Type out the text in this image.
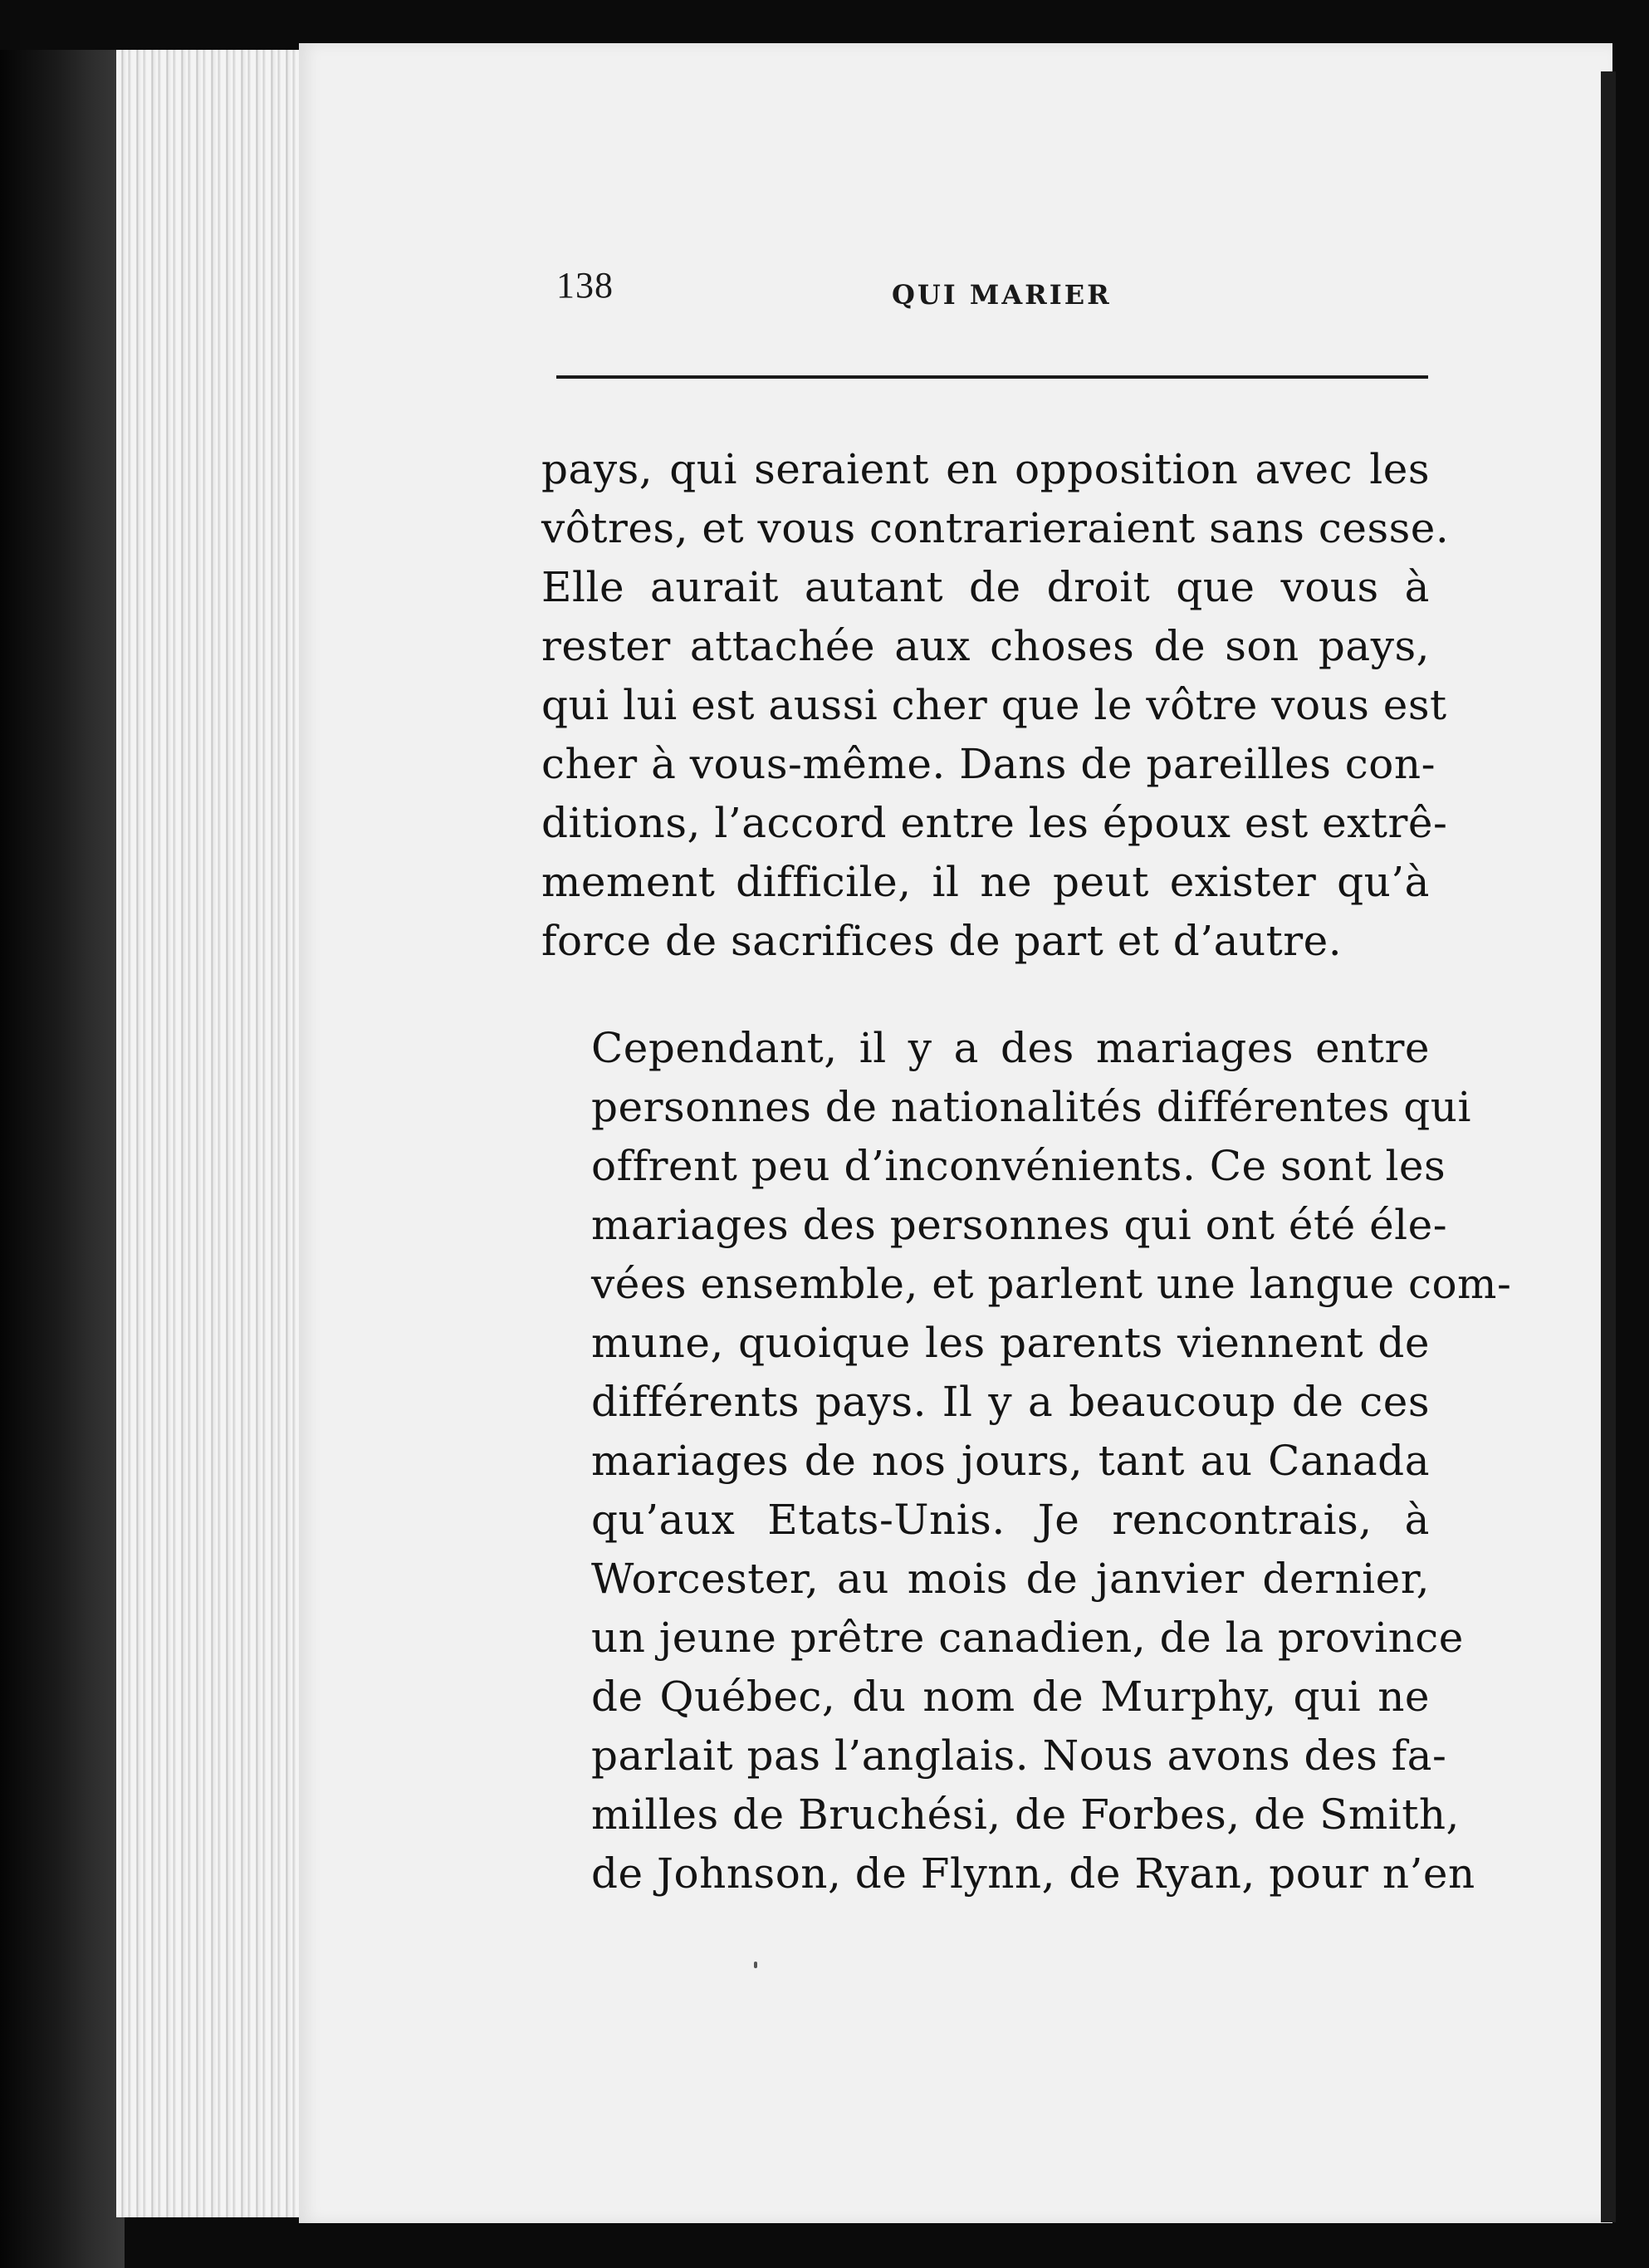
138	QUI MARIER

pays, qui seraient en opposition avec les
vôtres, et vous contrarieraient sans cesse.
Elle aurait autant de droit que vous à
rester attachée aux choses de son pays,
qui lui est aussi cher que le vôtre vous est
cher à vous-même. Dans de pareilles con-
ditions, l’accord entre les époux est extrê-
mement difficile, il ne peut exister qu’à
force de sacrifices de part et d’autre.

Cependant, il y a des mariages entre
personnes de nationalités différentes qui
offrent peu d’inconvénients. Ce sont les
mariages des personnes qui ont été éle-
vées ensemble, et parlent une langue com-
mune, quoique les parents viennent de
différents pays. Il y a beaucoup de ces
mariages de nos jours, tant au Canada
qu’aux Etats-Unis. Je rencontrais, à
Worcester, au mois de janvier dernier,
un jeune prêtre canadien, de la province
de Québec, du nom de Murphy, qui ne
parlait pas l’anglais. Nous avons des fa-
milles de Bruchési, de Forbes, de Smith,
de Johnson, de Flynn, de Ryan, pour n’en
